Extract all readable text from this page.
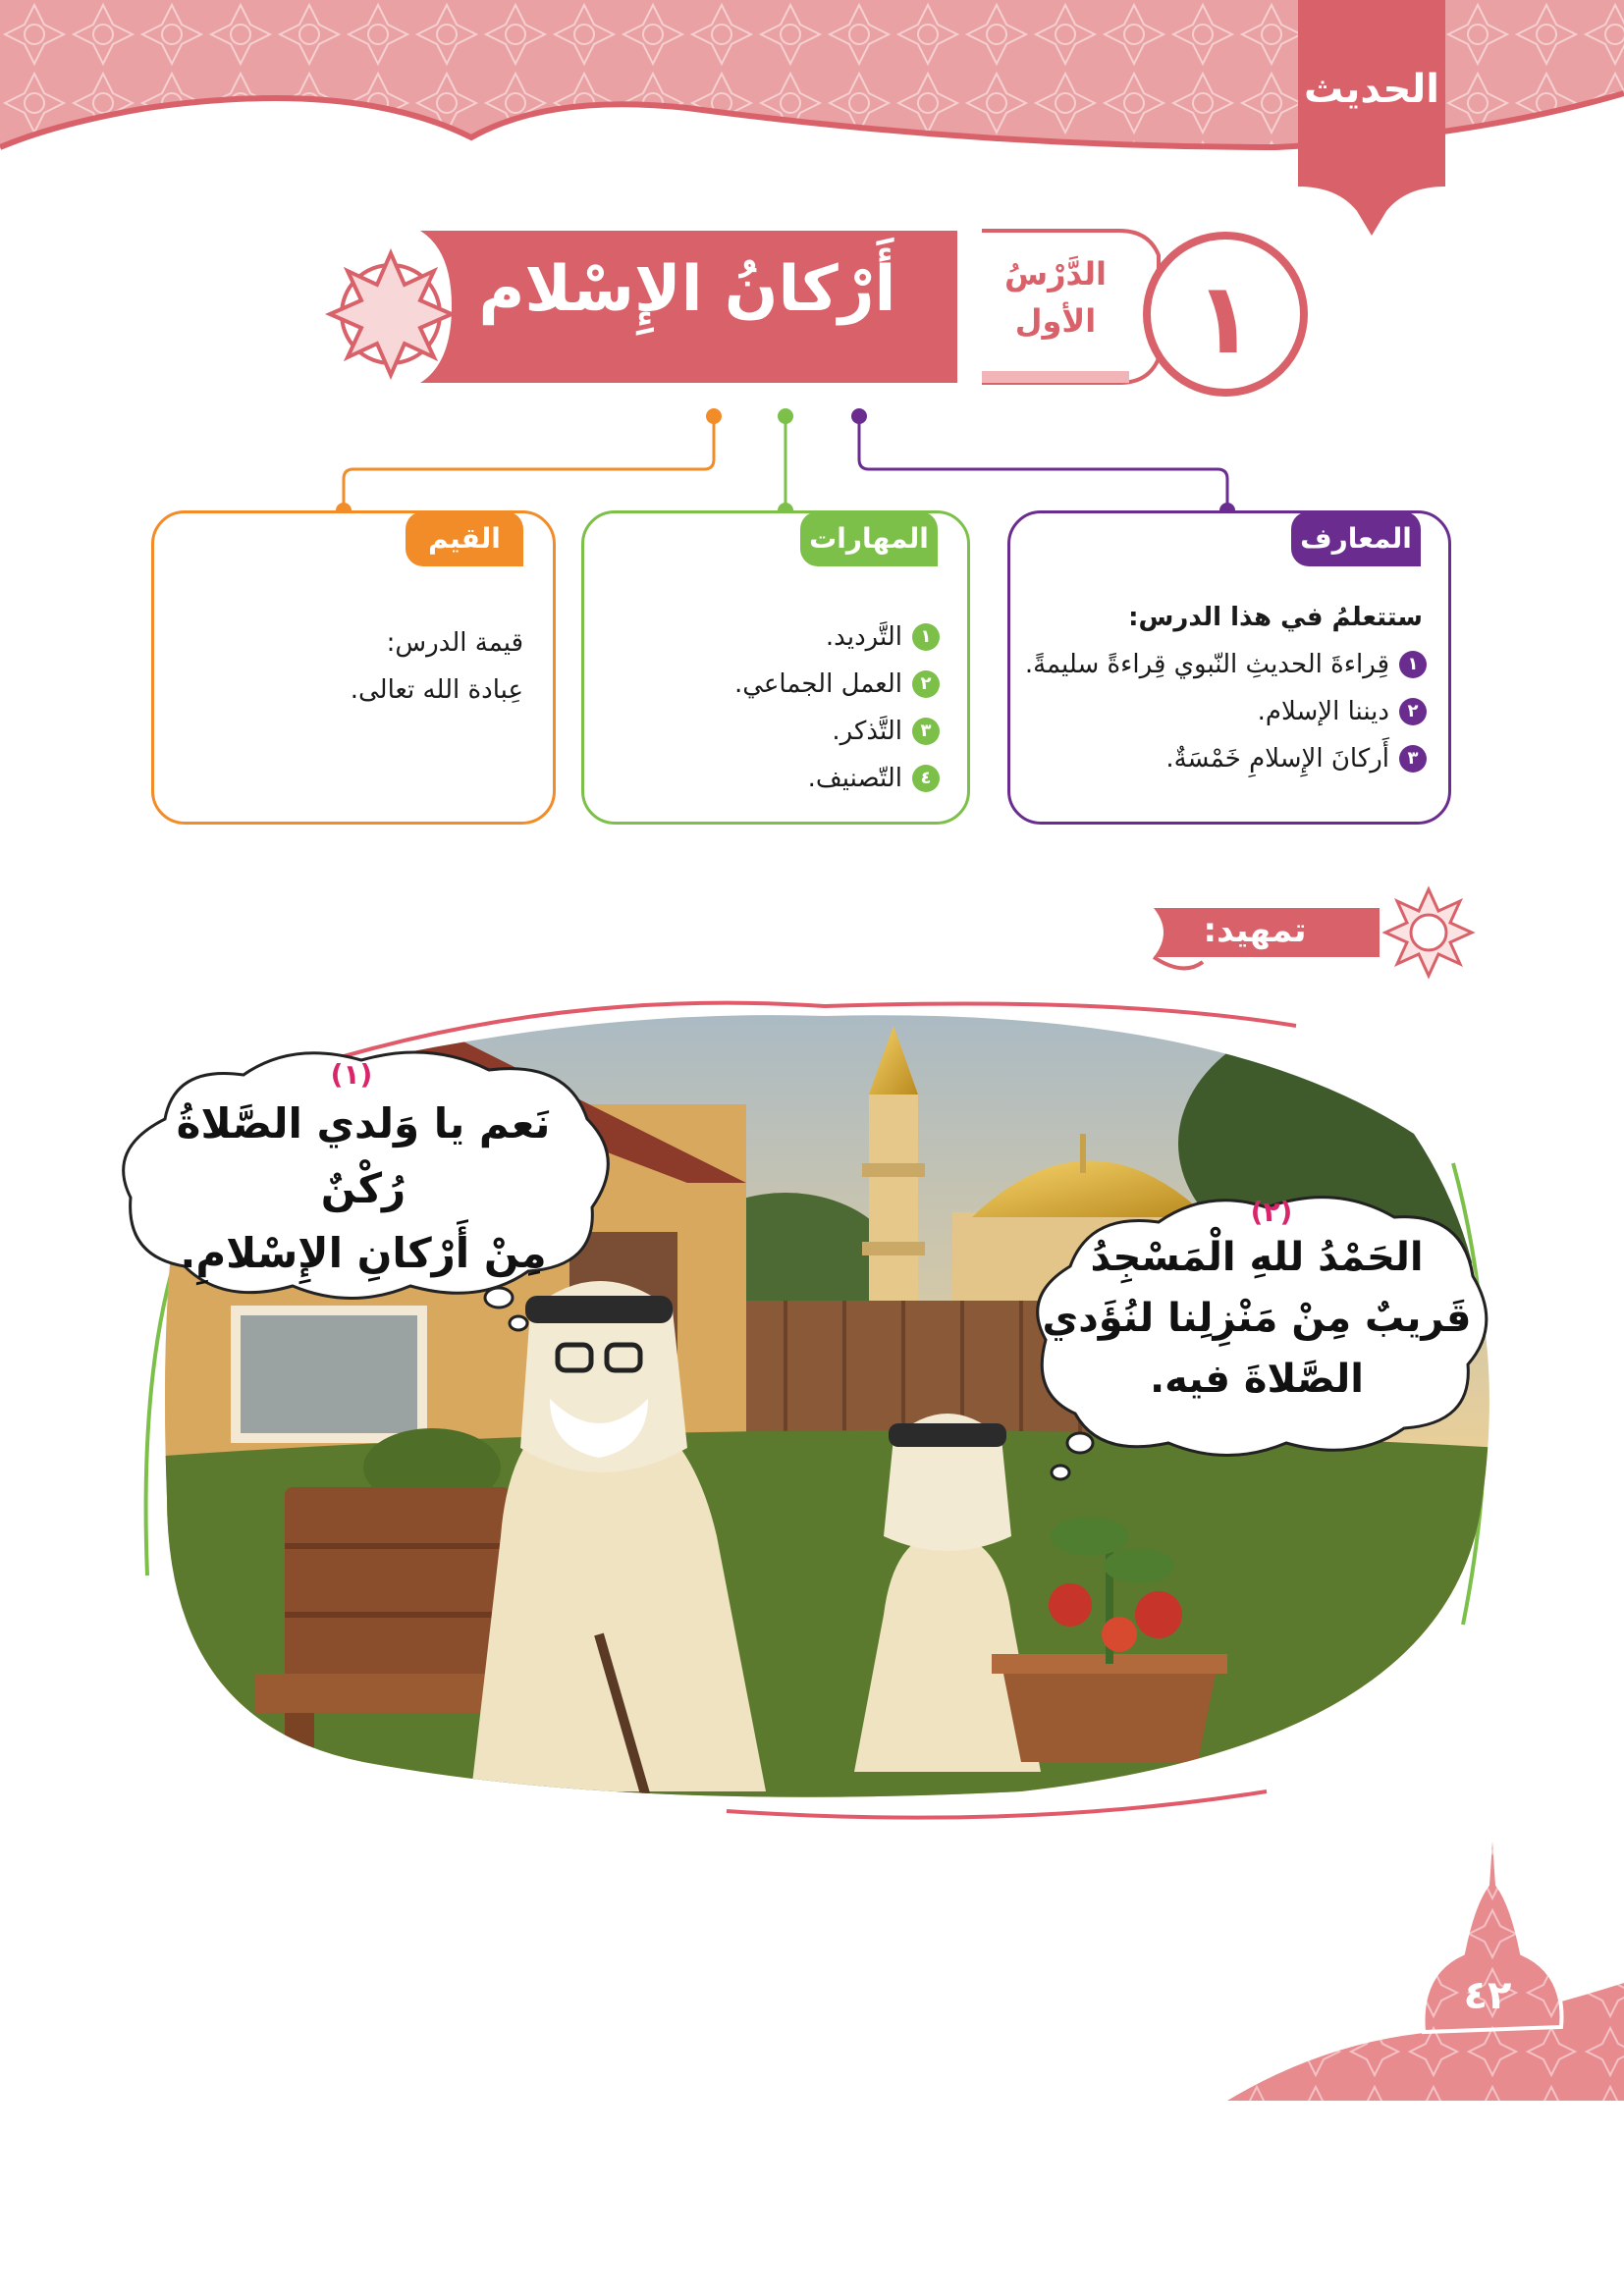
الحديث
أَرْكانُ الإِسْلام	الدَّرْسُ
الأول	١
المعارف
ستتعلمُ في هذا الدرس:
١
قِراءةَ الحديثِ النّبوي قِراءةً سليمةً.
٢
ديننا الإسلام.
٣
أَركانَ الإِسلامِ خَمْسَةٌ.
المهارات
١
التَّرديد.
٢
العمل الجماعي.
٣
التَّذكر.
٤
التّصنيف.
القيم
قيمة الدرس:
عِبادة الله تعالى.
تمهيد:
(١)
نَعم يا وَلدي الصَّلاةُ رُكْنٌ
مِنْ أَرْكانِ الإِسْلامِ.
(٢)
الحَمْدُ للهِ الْمَسْجِدُ
قَريبٌ مِنْ مَنْزِلِنا لنُؤَدي
الصَّلاةَ فيه.
٤٢
